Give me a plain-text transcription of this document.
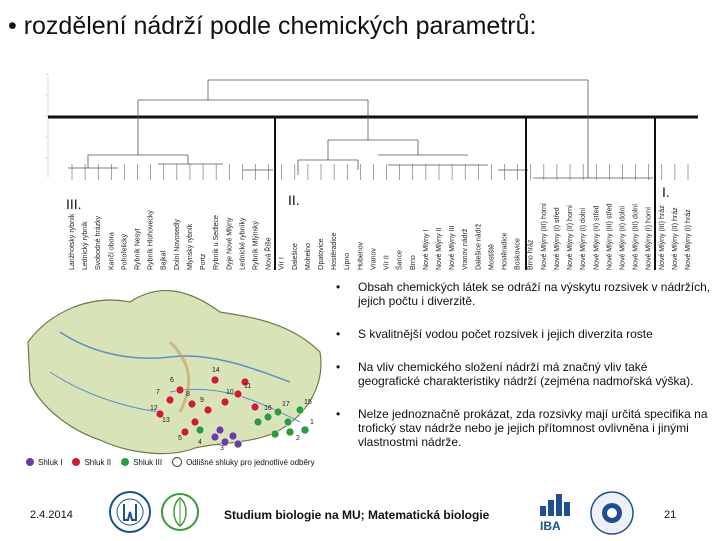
• rozdělení nádrží podle chemických parametrů:
Lanžhotský rybník Lednický rybník Svobodné hrázky Kančí obora Pohořelický Rybník Nesyt Rybník Hlohovecký Bajkal Dolní Novosedly Mlýnský rybník Portz Rybník u Sedlece Dyje Nové Mlýny Lednické rybníky Rybník Mlýnský Nová Říše Vír I Dalešice Mohelno Opatovice Hostěradice Lipno Hubenov Vranov Vír II Šance Brno Nové Mlýny I Nové Mlýny II Nové Mlýny III Vranov nádrž Dalešice nádrž Mostiště Hostěradice Boskovice Brno hráz Nové Mlýny (III) horní Nové Mlýny (I) střed Nové Mlýny (II) horní Nové Mlýny (I) dolní Nové Mlýny (II) střed Nové Mlýny (III) střed Nové Mlýny (II) dolní Nové Mlýny (III) dolní Nové Mlýny (I) horní Nové Mlýny (III) hráz Nové Mlýny (II) hráz Nové Mlýny (I) hráz
III.	II.	I.
14
6
7	8
9
12
13
5
4
3
17 15
16
1
2
11
10
Shluk I	Shluk II	Shluk III	Odlišné shluky pro jednotlivé odběry
•	Obsah chemických látek se odráží na výskytu rozsivek v nádržích, jejich počtu i diverzitě.
•	S kvalitnější vodou počet rozsivek i jejich diverzita roste
•	Na vliv chemického složení nádrží má značný vliv také geografické charakteristiky nádrží (zejména nadmořská výška).
•	Nelze jednoznačně prokázat, zda rozsivky mají určitá specifika na trofický stav nádrže nebo je jejich přítomnost ovlivněna i jinými vlastnostmi nádrže.
2.4.2014	Studium biologie na MU; Matematická biologie
IBA
21
